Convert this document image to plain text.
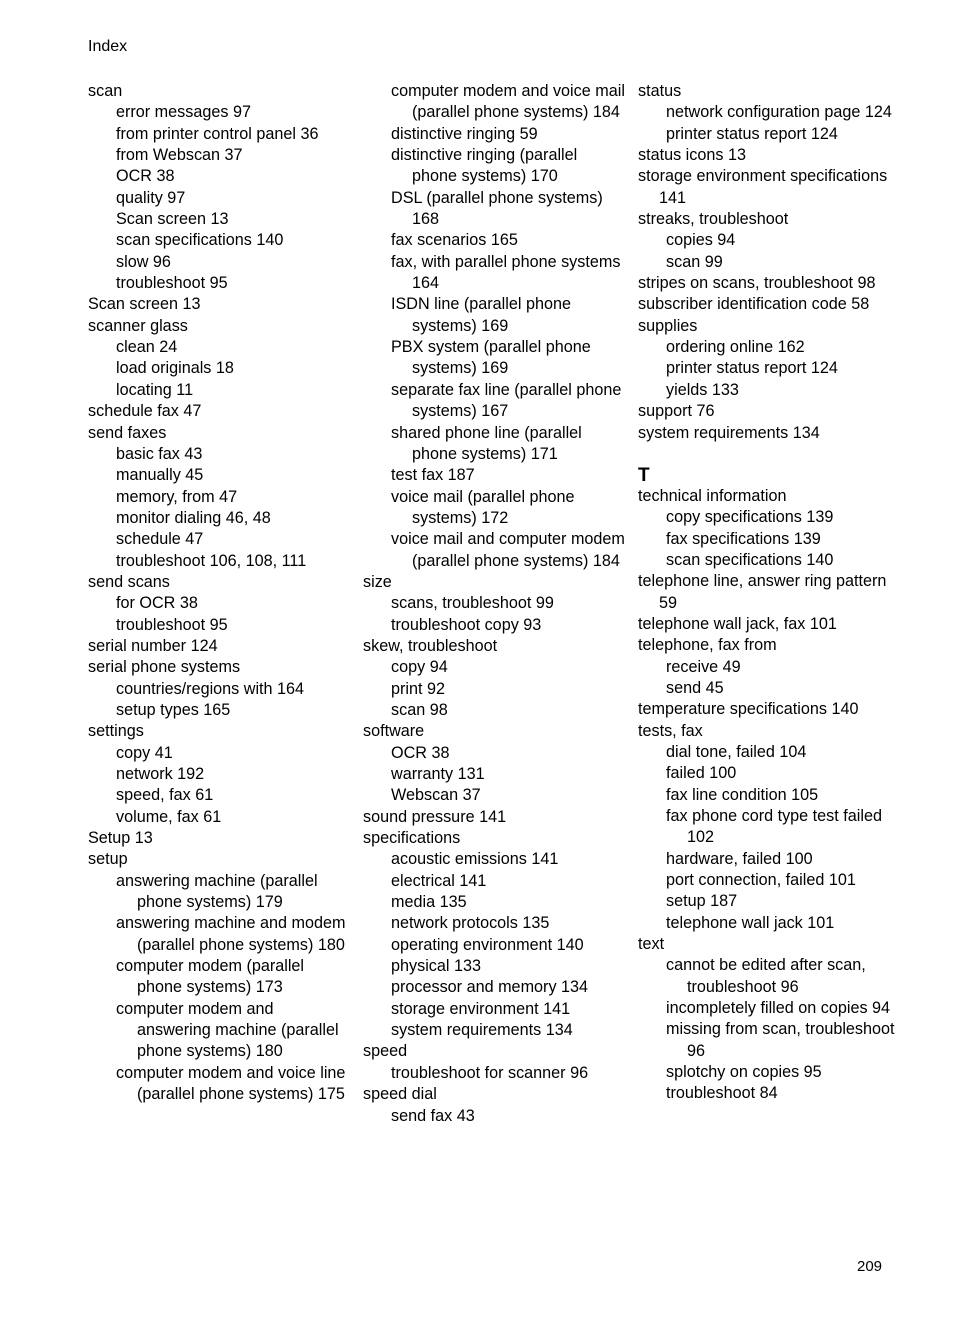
Index
scan
error messages 97
from printer control panel 36
from Webscan 37
OCR 38
quality 97
Scan screen 13
scan specifications 140
slow 96
troubleshoot 95
Scan screen 13
scanner glass
clean 24
load originals 18
locating 11
schedule fax 47
send faxes
basic fax 43
manually 45
memory, from 47
monitor dialing 46, 48
schedule 47
troubleshoot 106, 108, 111
send scans
for OCR 38
troubleshoot 95
serial number 124
serial phone systems
countries/regions with 164
setup types 165
settings
copy 41
network 192
speed, fax 61
volume, fax 61
Setup 13
setup
answering machine (parallel phone systems) 179
answering machine and modem (parallel phone systems) 180
computer modem (parallel phone systems) 173
computer modem and answering machine (parallel phone systems) 180
computer modem and voice line (parallel phone systems) 175
computer modem and voice mail (parallel phone systems) 184
distinctive ringing 59
distinctive ringing (parallel phone systems) 170
DSL (parallel phone systems) 168
fax scenarios 165
fax, with parallel phone systems 164
ISDN line (parallel phone systems) 169
PBX system (parallel phone systems) 169
separate fax line (parallel phone systems) 167
shared phone line (parallel phone systems) 171
test fax 187
voice mail (parallel phone systems) 172
voice mail and computer modem (parallel phone systems) 184
size
scans, troubleshoot 99
troubleshoot copy 93
skew, troubleshoot
copy 94
print 92
scan 98
software
OCR 38
warranty 131
Webscan 37
sound pressure 141
specifications
acoustic emissions 141
electrical 141
media 135
network protocols 135
operating environment 140
physical 133
processor and memory 134
storage environment 141
system requirements 134
speed
troubleshoot for scanner 96
speed dial
send fax 43
status
network configuration page 124
printer status report 124
status icons 13
storage environment specifications 141
streaks, troubleshoot
copies 94
scan 99
stripes on scans, troubleshoot 98
subscriber identification code 58
supplies
ordering online 162
printer status report 124
yields 133
support 76
system requirements 134
T
technical information
copy specifications 139
fax specifications 139
scan specifications 140
telephone line, answer ring pattern 59
telephone wall jack, fax 101
telephone, fax from
receive 49
send 45
temperature specifications 140
tests, fax
dial tone, failed 104
failed 100
fax line condition 105
fax phone cord type test failed 102
hardware, failed 100
port connection, failed 101
setup 187
telephone wall jack 101
text
cannot be edited after scan, troubleshoot 96
incompletely filled on copies 94
missing from scan, troubleshoot 96
splotchy on copies 95
troubleshoot 84
209
